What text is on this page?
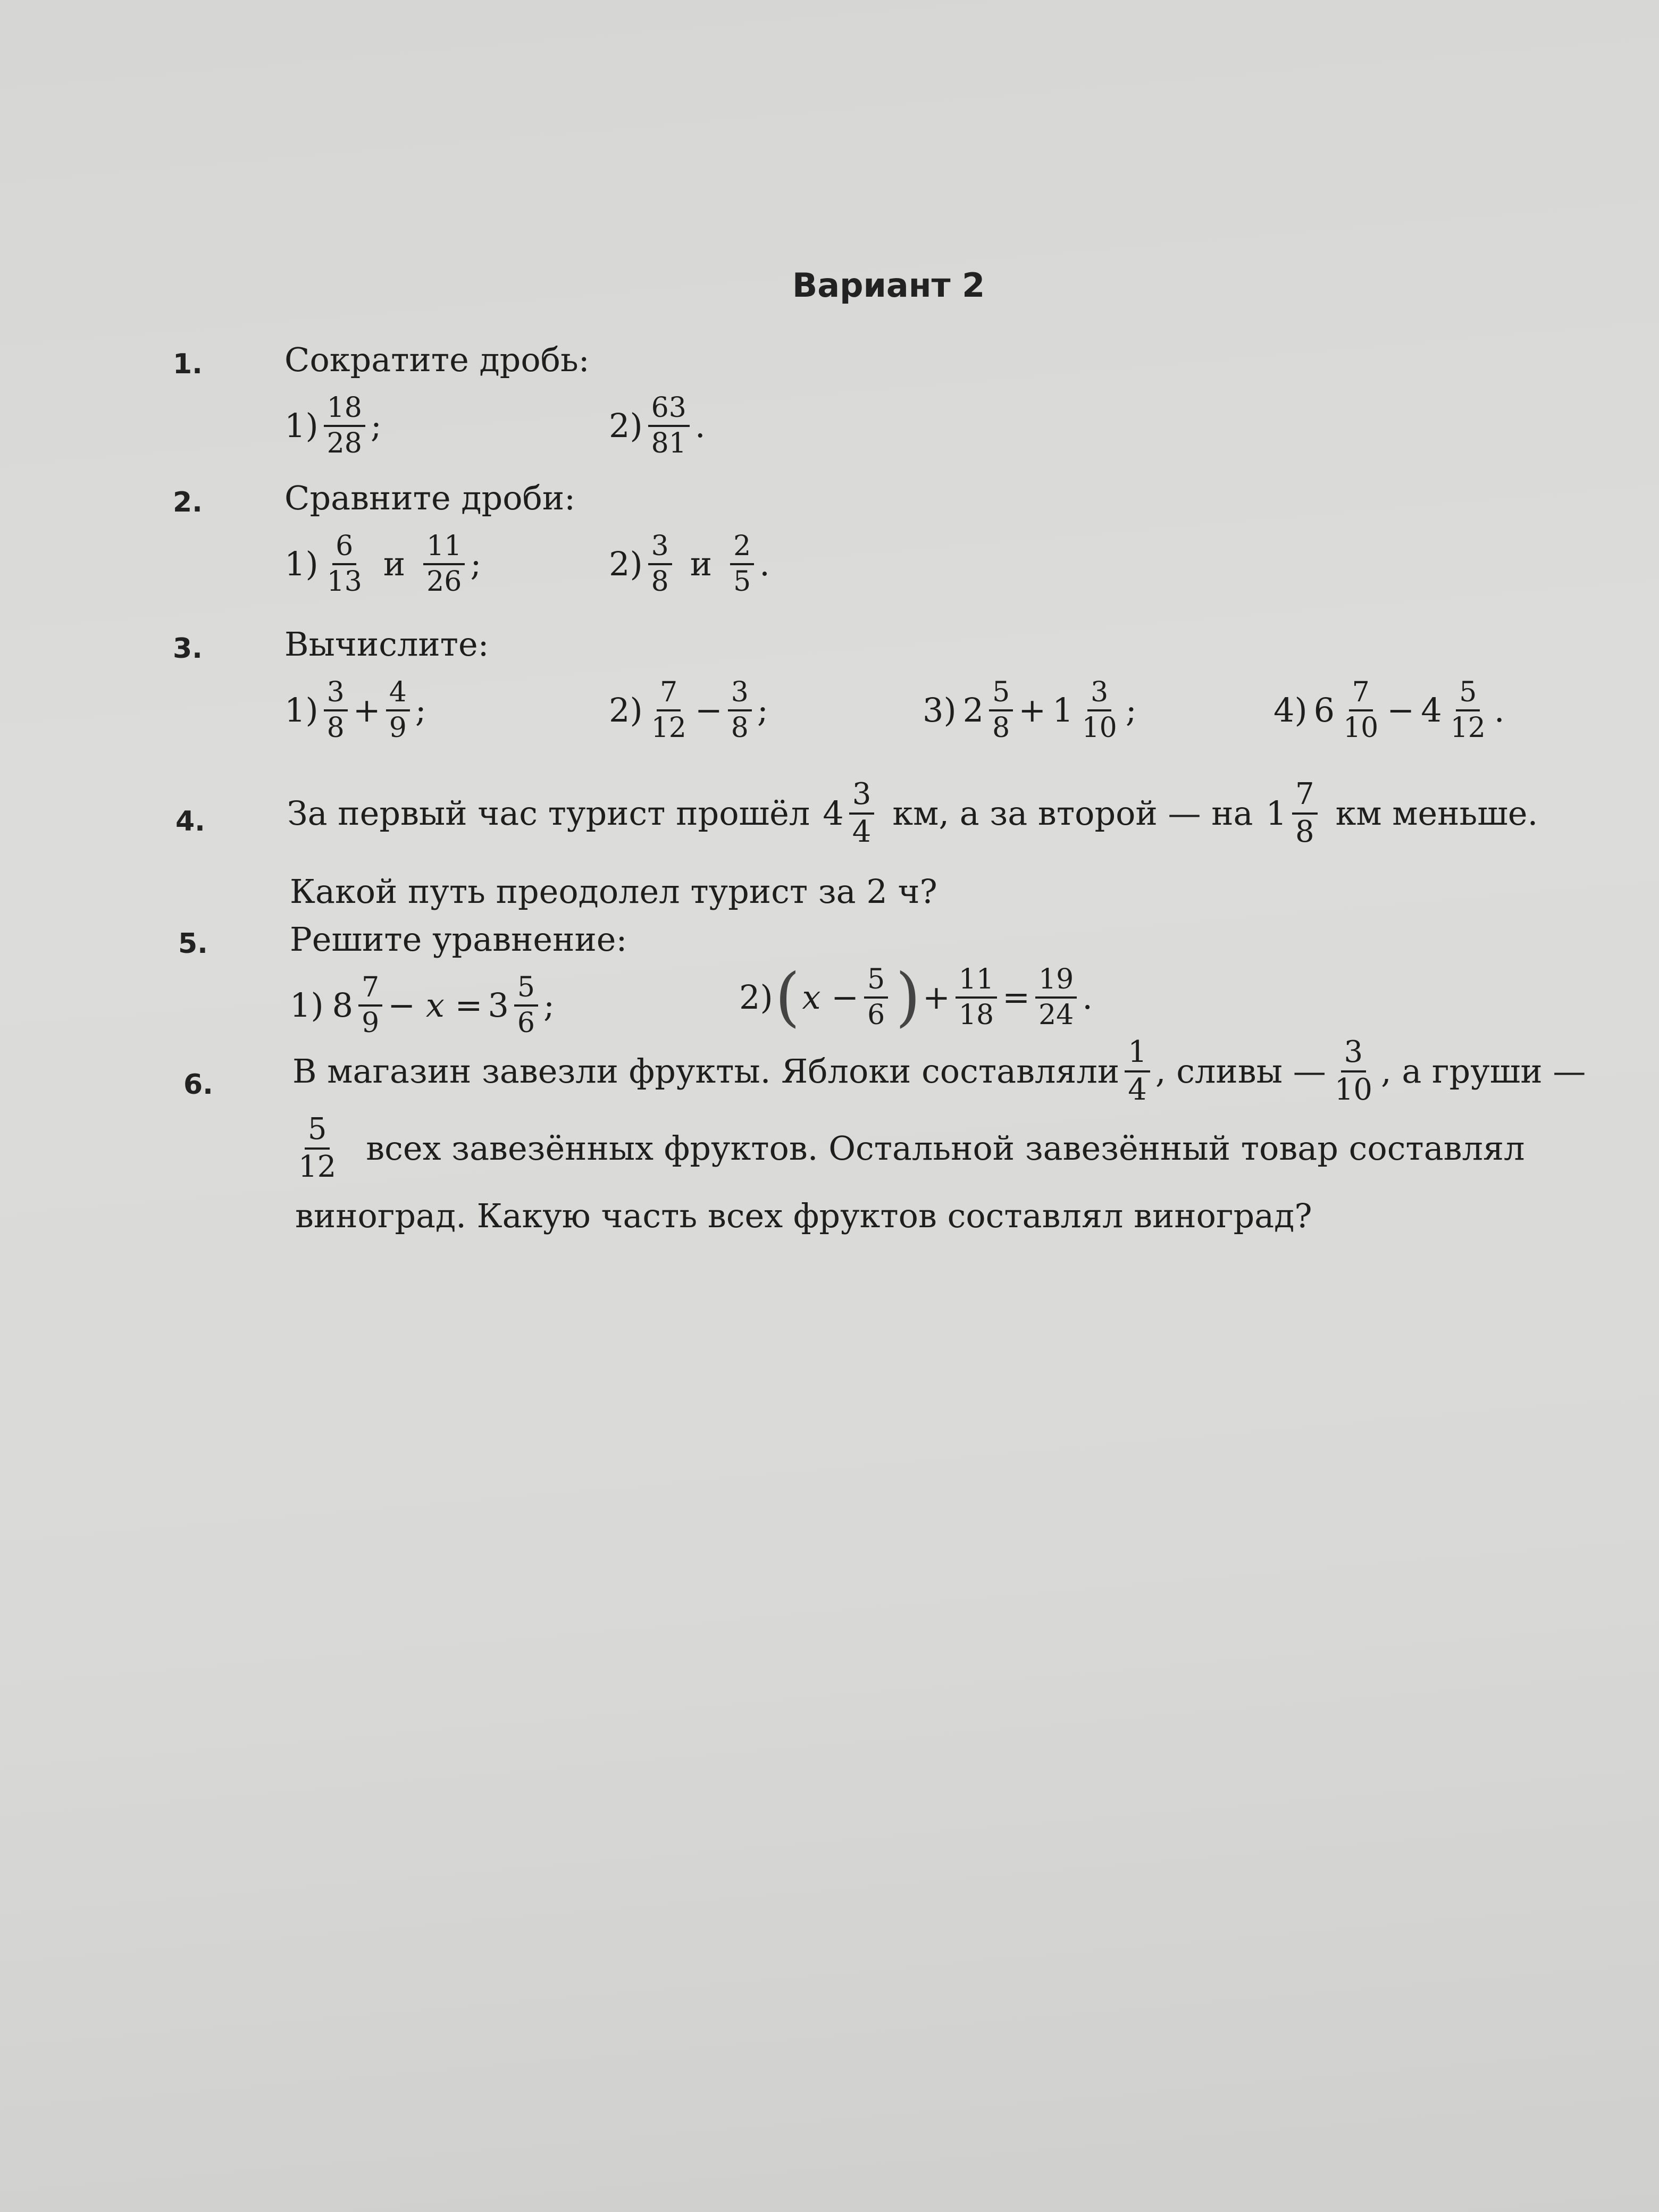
Вариант 2
1. Сократите дробь:
$1) \frac{18}{28}$ ;	$2) \frac{63}{81}$ .
2. Сравните дроби:
$1) \frac{6}{13}$ и $\frac{11}{26}$ ;	$2) \frac{3}{8}$ и $\frac{2}{5}$ .
3. Вычислите:
$1) \frac{3}{8} + \frac{4}{9}$ ;	$2) \frac{7}{12} - \frac{3}{8}$ ;	3) $2 \frac{5}{8} + 1 \frac{3}{10}$ ;	4) $6 \frac{7}{10} - 4 \frac{5}{12}$ .
4. За первый час турист прошёл $4 \frac{3}{4}$ км, а за второй — на $1 \frac{7}{8}$ км меньше.
Какой путь преодолел турист за 2 ч?
5. Решите уравнение:
1) $8 \frac{7}{9} - x = 3 \frac{5}{6}$ ;	2) ( $x - \frac{5}{6}$ ) + $\frac{11}{18} = \frac{19}{24}$ .
6. В магазин завезли фрукты. Яблоки составляли $\frac{1}{4}$ , сливы — $\frac{3}{10}$ , а груши —
$\frac{5}{12}$ всех завезённых фруктов. Остальной завезённый товар составлял
виноград. Какую часть всех фруктов составлял виноград?
